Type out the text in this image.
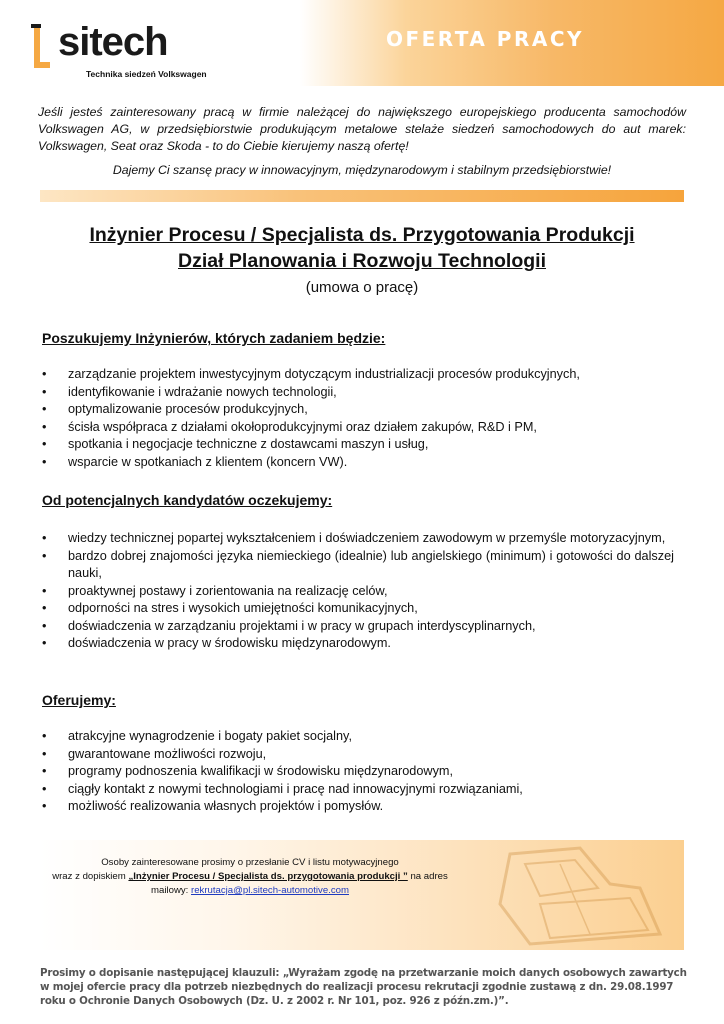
sitech
Technika siedzeń Volkswagen
OFERTA PRACY

Jeśli jesteś zainteresowany pracą w firmie należącej do największego europejskiego producenta samochodów Volkswagen AG, w przedsiębiorstwie produkującym metalowe stelaże siedzeń samochodowych do aut marek: Volkswagen, Seat oraz Skoda - to do Ciebie kierujemy naszą ofertę!

Dajemy Ci szansę pracy w innowacyjnym, międzynarodowym i stabilnym przedsiębiorstwie!

Inżynier Procesu / Specjalista ds. Przygotowania Produkcji
Dział Planowania i Rozwoju Technologii
(umowa o pracę)
Poszukujemy Inżynierów, których zadaniem będzie:
• zarządzanie projektem inwestycyjnym dotyczącym industrializacji procesów produkcyjnych,
• identyfikowanie i wdrażanie nowych technologii,
• optymalizowanie procesów produkcyjnych,
• ścisła współpraca z działami okołoprodukcyjnymi oraz działem zakupów, R&D i PM,
• spotkania i negocjacje techniczne z dostawcami maszyn i usług,
• wsparcie w spotkaniach z klientem (koncern VW).
Od potencjalnych kandydatów oczekujemy:
• wiedzy technicznej popartej wykształceniem i doświadczeniem zawodowym w przemyśle motoryzacyjnym,
• bardzo dobrej znajomości języka niemieckiego (idealnie) lub angielskiego (minimum) i gotowości do dalszej nauki,
• proaktywnej postawy i zorientowania na realizację celów,
• odporności na stres i wysokich umiejętności komunikacyjnych,
• doświadczenia w zarządzaniu projektami i w pracy w grupach interdyscyplinarnych,
• doświadczenia w pracy w środowisku międzynarodowym.
Oferujemy:
• atrakcyjne wynagrodzenie i bogaty pakiet socjalny,
• gwarantowane możliwości rozwoju,
• programy podnoszenia kwalifikacji w środowisku międzynarodowym,
• ciągły kontakt z nowymi technologiami i pracę nad innowacyjnymi rozwiązaniami,
• możliwość realizowania własnych projektów i pomysłów.
Osoby zainteresowane prosimy o przesłanie CV i listu motywacyjnego
wraz z dopiskiem „Inżynier Procesu / Specjalista ds. przygotowania produkcji ” na adres
mailowy: rekrutacja@pl.sitech-automotive.com
Prosimy o dopisanie następującej klauzuli: „Wyrażam zgodę na przetwarzanie moich danych osobowych zawartych w mojej ofercie pracy dla potrzeb niezbędnych do realizacji procesu rekrutacji zgodnie zustawą z dn. 29.08.1997 roku o Ochronie Danych Osobowych (Dz. U. z 2002 r. Nr 101, poz. 926 z późn.zm.)”.
